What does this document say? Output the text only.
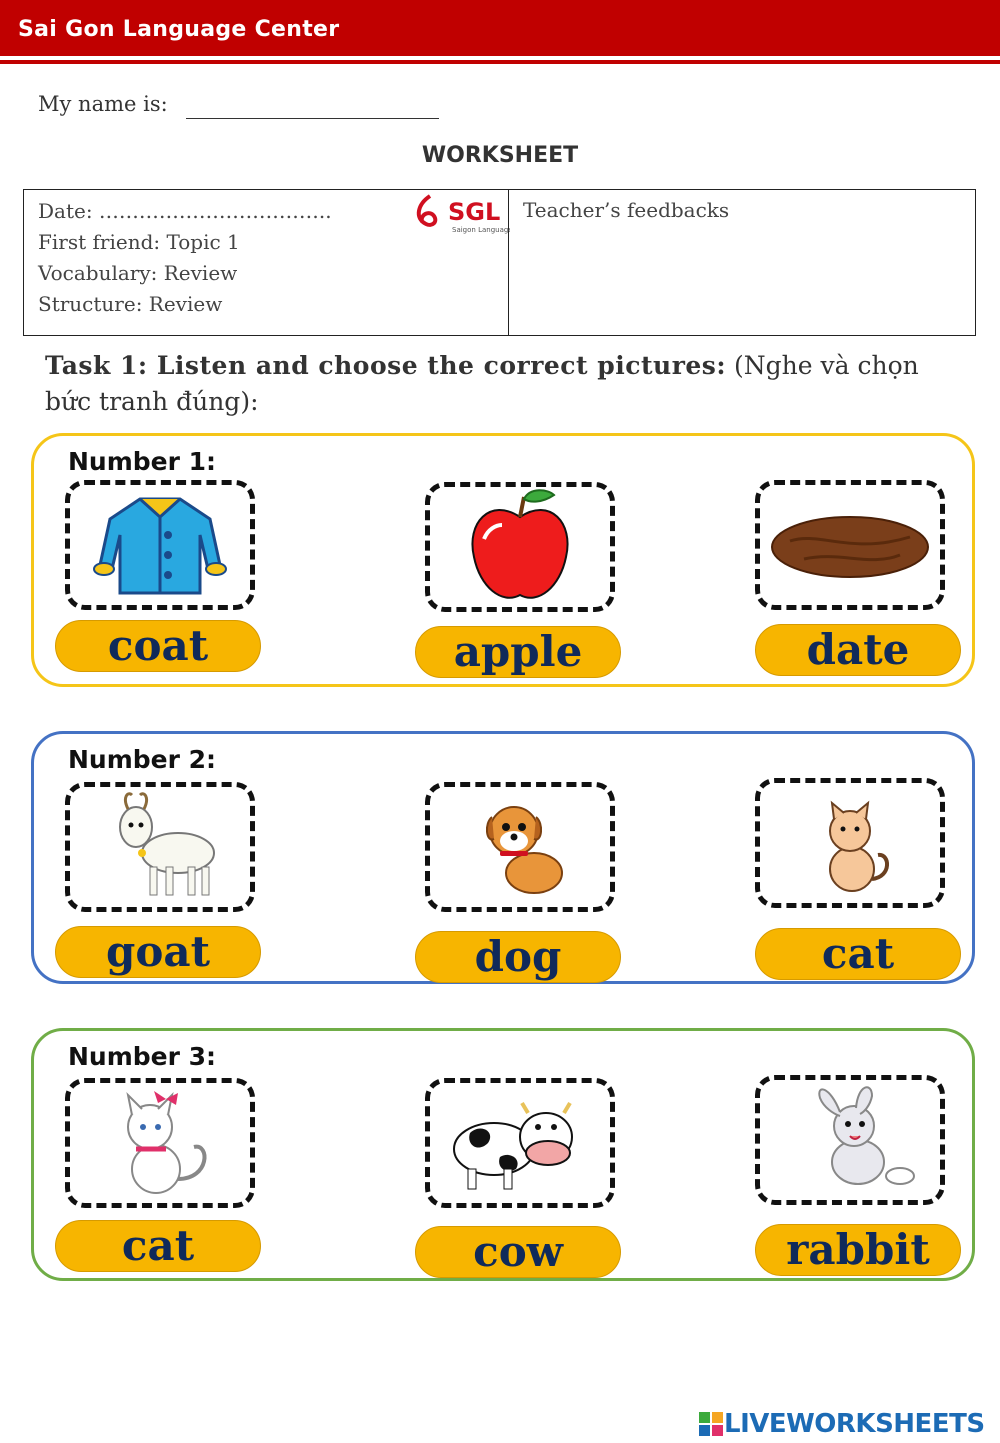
Sai Gon Language Center
My name is:
WORKSHEET
Date: ……………………………..
First friend: Topic 1
Vocabulary: Review
Structure: Review
SGL
Saigon Language
Teacher’s feedbacks
Task 1: Listen and choose the correct pictures: (Nghe và chọn bức tranh đúng):
Number 1:
coat	apple	date
Number 2:
goat	dog	cat
Number 3:
cat	cow	rabbit
LIVEWORKSHEETS
